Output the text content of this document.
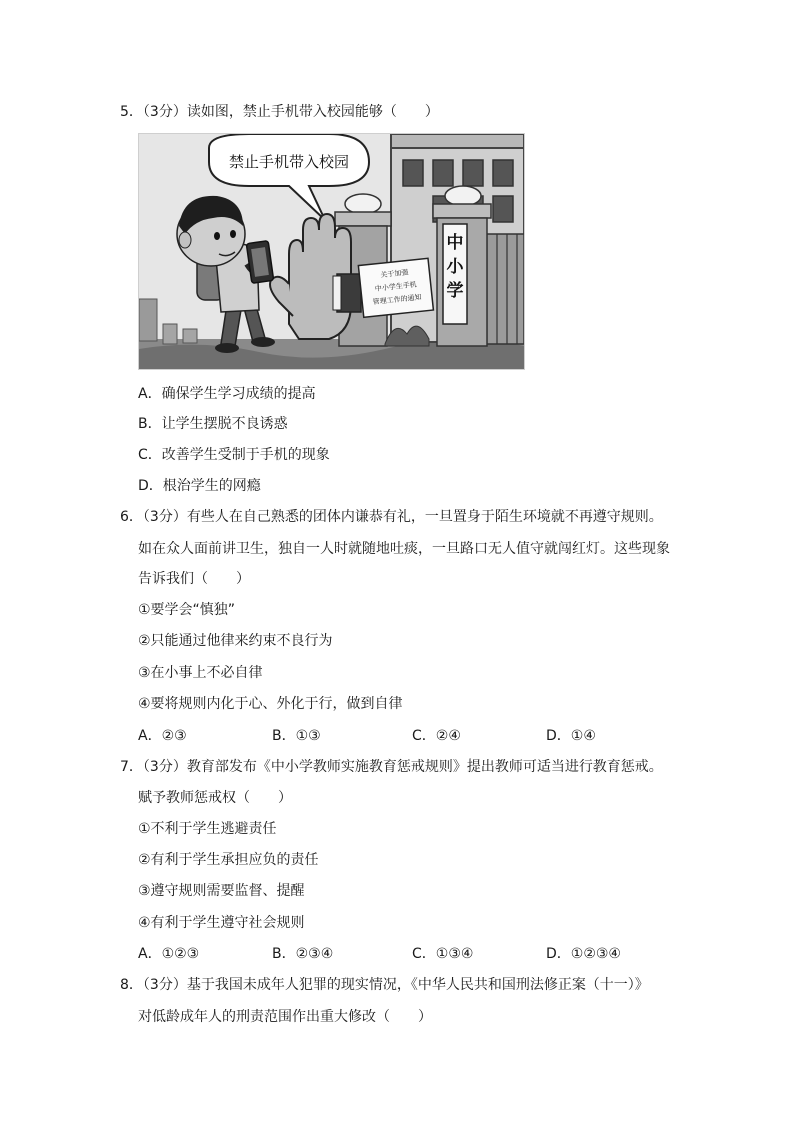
5．（3分）读如图，禁止手机带入校园能够（　　）
中
小
学
禁止手机带入校园
关于加强
中小学生手机
管理工作的通知
A．确保学生学习成绩的提高
B．让学生摆脱不良诱惑
C．改善学生受制于手机的现象
D．根治学生的网瘾
6．（3分）有些人在自己熟悉的团体内谦恭有礼，一旦置身于陌生环境就不再遵守规则。
如在众人面前讲卫生，独自一人时就随地吐痰，一旦路口无人值守就闯红灯。这些现象
告诉我们（　　）
①要学会“慎独”
②只能通过他律来约束不良行为
③在小事上不必自律
④要将规则内化于心、外化于行，做到自律
A．②③	B．①③	C．②④	D．①④
7．（3分）教育部发布《中小学教师实施教育惩戒规则》提出教师可适当进行教育惩戒。
赋予教师惩戒权（　　）
①不利于学生逃避责任
②有利于学生承担应负的责任
③遵守规则需要监督、提醒
④有利于学生遵守社会规则
A．①②③	B．②③④	C．①③④	D．①②③④
8．（3分）基于我国未成年人犯罪的现实情况，《中华人民共和国刑法修正案（十一）》
对低龄成年人的刑责范围作出重大修改（　　）
